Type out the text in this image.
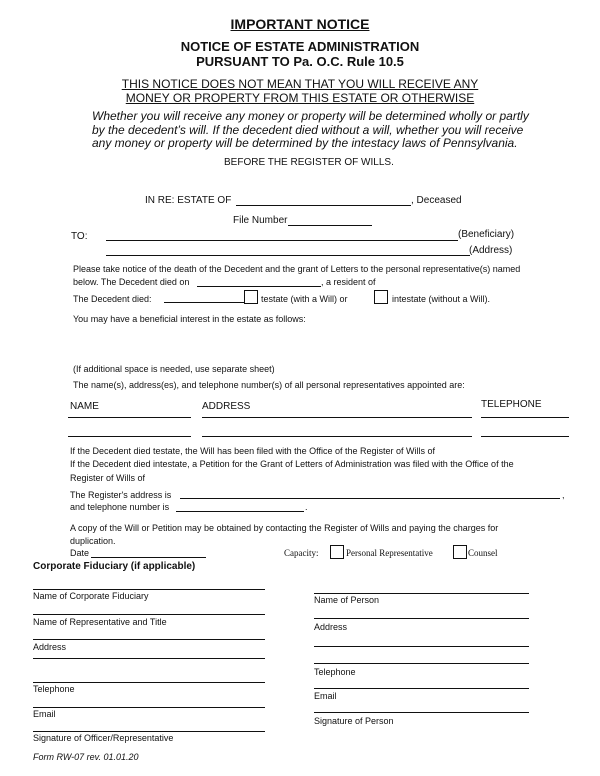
IMPORTANT NOTICE
NOTICE OF ESTATE ADMINISTRATION
PURSUANT TO Pa. O.C. Rule 10.5
THIS NOTICE DOES NOT MEAN THAT YOU WILL RECEIVE ANY
MONEY OR PROPERTY FROM THIS ESTATE OR OTHERWISE
Whether you will receive any money or property will be determined wholly or partly
by the decedent’s will. If the decedent died without a will, whether you will receive
any money or property will be determined by the intestacy laws of Pennsylvania.
BEFORE THE REGISTER OF WILLS.
IN RE: ESTATE OF	, Deceased
File Number
TO:	(Beneficiary)
(Address)
Please take notice of the death of the Decedent and the grant of Letters to the personal representative(s) named
below. The Decedent died on	, a resident of
The Decedent died:	testate (with a Will) or	intestate (without a Will).
You may have a beneficial interest in the estate as follows:
(If additional space is needed, use separate sheet)
The name(s), address(es), and telephone number(s) of all personal representatives appointed are:
NAME	ADDRESS	TELEPHONE
If the Decedent died testate, the Will has been filed with the Office of the Register of Wills of
If the Decedent died intestate, a Petition for the Grant of Letters of Administration was filed with the Office of the
Register of Wills of
The Register's address is	,
and telephone number is	.
A copy of the Will or Petition may be obtained by contacting the Register of Wills and paying the charges for
duplication.
Date	Capacity:	Personal Representative	Counsel
Corporate Fiduciary (if applicable)
Name of Corporate Fiduciary
Name of Representative and Title
Address
Telephone
Email
Signature of Officer/Representative
Name of Person
Address
Telephone
Email
Signature of Person
Form RW-07 rev. 01.01.20
